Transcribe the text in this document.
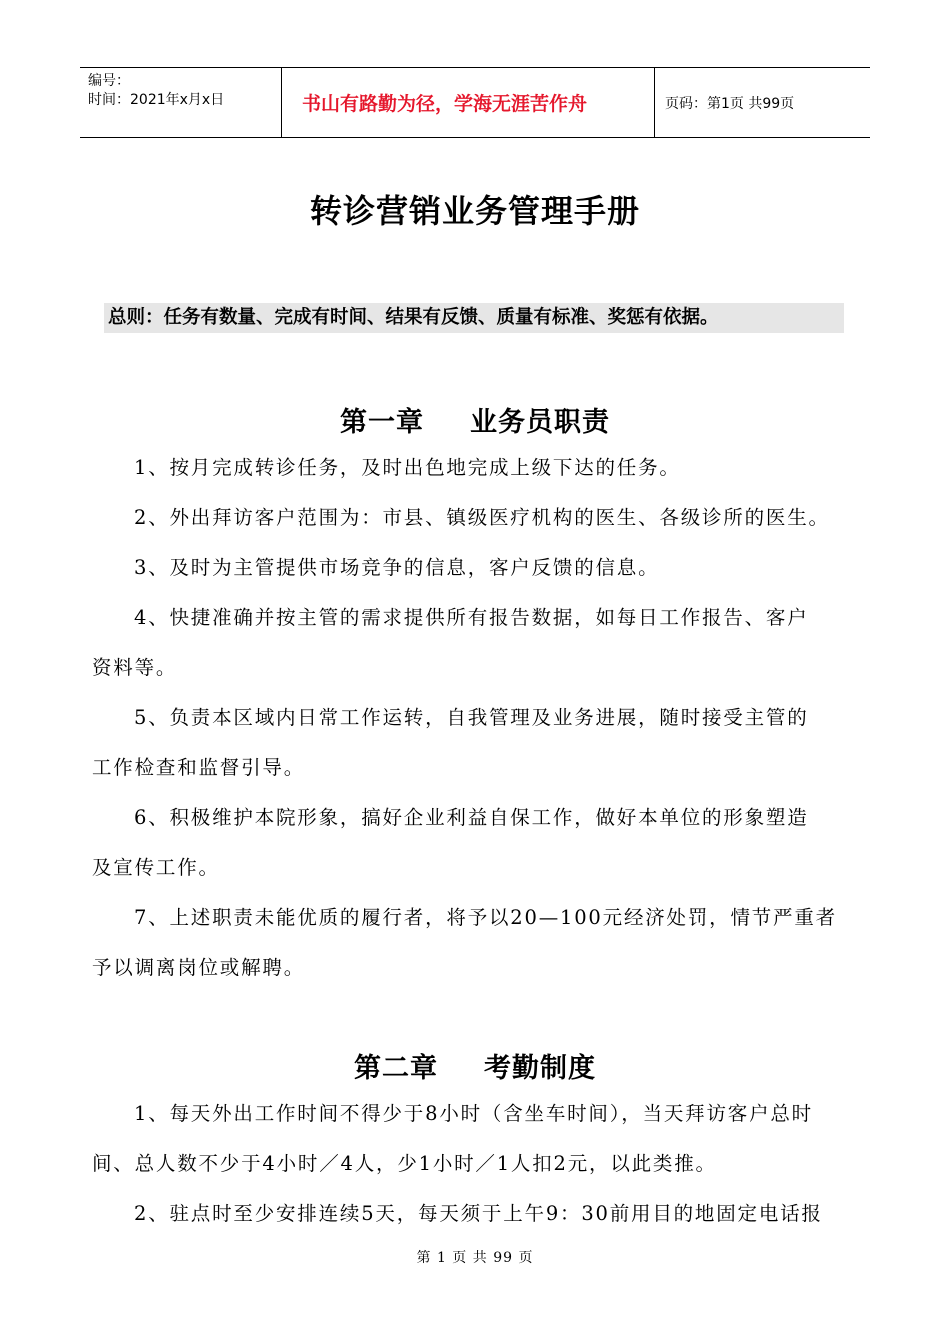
编号：
时间：2021年x月x日	书山有路勤为径，学海无涯苦作舟	页码：第1页 共99页
转诊营销业务管理手册
总则：任务有数量、完成有时间、结果有反馈、质量有标准、奖惩有依据。
第一章 业务员职责
1、按月完成转诊任务，及时出色地完成上级下达的任务。
2、外出拜访客户范围为：市县、镇级医疗机构的医生、各级诊所的医生。
3、及时为主管提供市场竞争的信息，客户反馈的信息。
4、快捷准确并按主管的需求提供所有报告数据，如每日工作报告、客户
资料等。
5、负责本区域内日常工作运转，自我管理及业务进展，随时接受主管的
工作检查和监督引导。
6、积极维护本院形象，搞好企业利益自保工作，做好本单位的形象塑造
及宣传工作。
7、上述职责未能优质的履行者，将予以20—100元经济处罚，情节严重者
予以调离岗位或解聘。
第二章 考勤制度
1、每天外出工作时间不得少于8小时（含坐车时间），当天拜访客户总时
间、总人数不少于4小时／4人，少1小时／1人扣2元，以此类推。
2、驻点时至少安排连续5天，每天须于上午9：30前用目的地固定电话报
第 1 页 共 99 页
